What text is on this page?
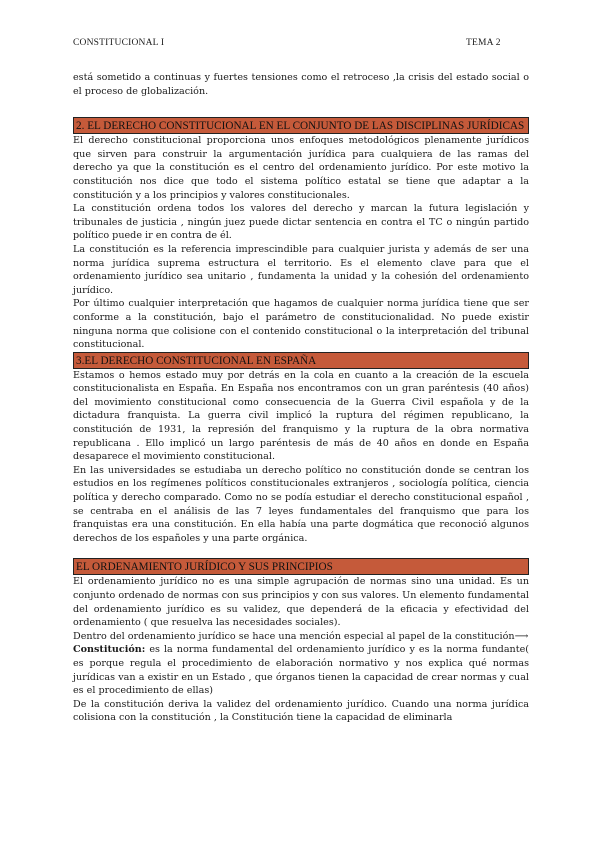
CONSTITUCIONAL I	TEMA 2

está sometido a continuas y fuertes tensiones como el retroceso ,la crisis del estado social o el proceso de globalización.

2. EL DERECHO CONSTITUCIONAL EN EL CONJUNTO DE LAS DISCIPLINAS JURÍDICAS

El derecho constitucional proporciona unos enfoques metodológicos plenamente jurídicos que sirven para construir la argumentación jurídica para cualquiera de las ramas del derecho ya que la constitución es el centro del ordenamiento jurídico. Por este motivo la constitución nos dice que todo el sistema político estatal se tiene que adaptar a la constitución y a los principios y valores constitucionales.

La constitución ordena todos los valores del derecho y marcan la futura legislación y tribunales de justicia , ningún juez puede dictar sentencia en contra el TC o ningún partido político puede ir en contra de él.

La constitución es la referencia imprescindible para cualquier jurista y además de ser una norma jurídica suprema estructura el territorio. Es el elemento clave para que el ordenamiento jurídico sea unitario , fundamenta la unidad y la cohesión del ordenamiento jurídico.

Por último cualquier interpretación que hagamos de cualquier norma jurídica tiene que ser conforme a la constitución, bajo el parámetro de constitucionalidad. No puede existir ninguna norma que colisione con el contenido constitucional o la interpretación del tribunal constitucional.

3.EL DERECHO CONSTITUCIONAL EN ESPAÑA

Estamos o hemos estado muy por detrás en la cola en cuanto a la creación de la escuela constitucionalista en España. En España nos encontramos con un gran paréntesis (40 años) del movimiento constitucional como consecuencia de la Guerra Civil española y de la dictadura franquista. La guerra civil implicó la ruptura del régimen republicano, la constitución de 1931, la represión del franquismo y la ruptura de la obra normativa republicana . Ello implicó un largo paréntesis de más de 40 años en donde en España desaparece el movimiento constitucional.

En las universidades se estudiaba un derecho político no constitución donde se centran los estudios en los regímenes políticos constitucionales extranjeros , sociología política, ciencia política y derecho comparado. Como no se podía estudiar el derecho constitucional español , se centraba en el análisis de las 7 leyes fundamentales del franquismo que para los franquistas era una constitución. En ella había una parte dogmática que reconoció algunos derechos de los españoles y una parte orgánica.

EL ORDENAMIENTO JURÍDICO Y SUS PRINCIPIOS

El ordenamiento jurídico no es una simple agrupación de normas sino una unidad. Es un conjunto ordenado de normas con sus principios y con sus valores. Un elemento fundamental del ordenamiento jurídico es su validez, que dependerá de la eficacia y efectividad del ordenamiento ( que resuelva las necesidades sociales).

Dentro del ordenamiento jurídico se hace una mención especial al papel de la constitución⟶

Constitución: es la norma fundamental del ordenamiento jurídico y es la norma fundante( es porque regula el procedimiento de elaboración normativo y nos explica qué normas jurídicas van a existir en un Estado , que órganos tienen la capacidad de crear normas y cual es el procedimiento de ellas)

De la constitución deriva la validez del ordenamiento jurídico. Cuando una norma jurídica colisiona con la constitución , la Constitución tiene la capacidad de eliminarla
